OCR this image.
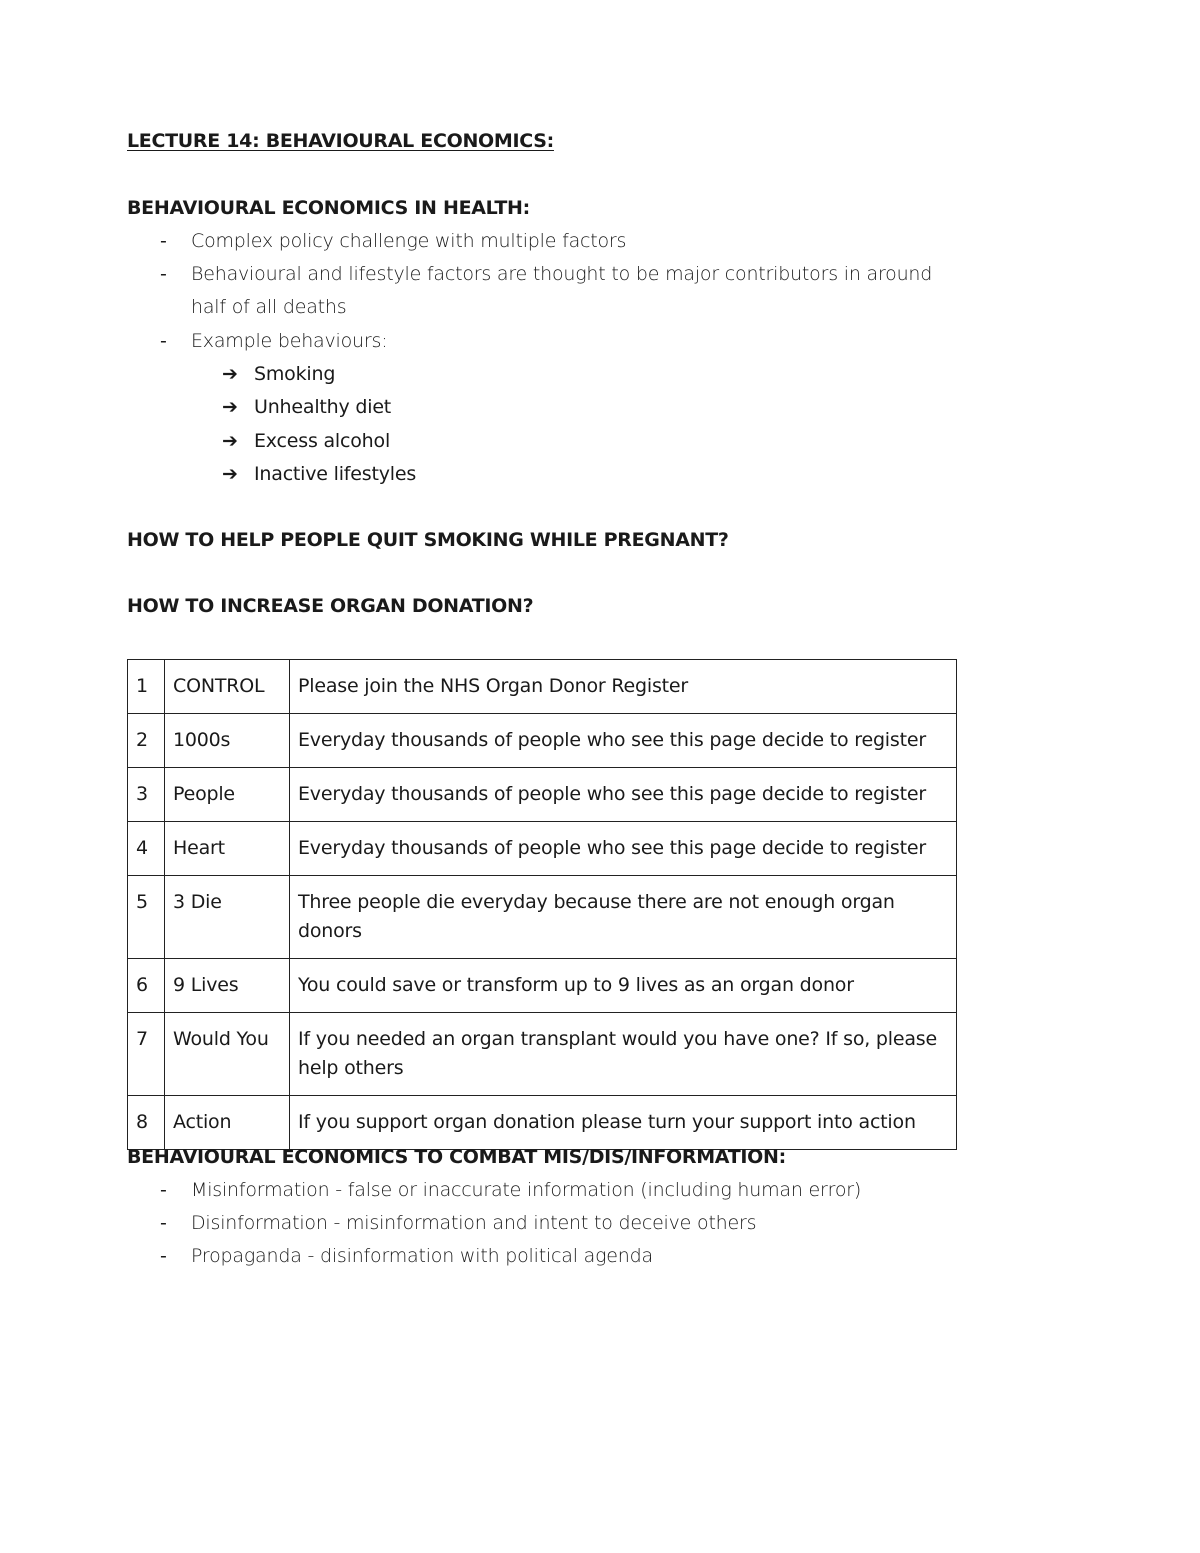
LECTURE 14: BEHAVIOURAL ECONOMICS:
BEHAVIOURAL ECONOMICS IN HEALTH:
- Complex policy challenge with multiple factors
- Behavioural and lifestyle factors are thought to be major contributors in around
half of all deaths
- Example behaviours:
➔ Smoking
➔ Unhealthy diet
➔ Excess alcohol
➔ Inactive lifestyles
HOW TO HELP PEOPLE QUIT SMOKING WHILE PREGNANT?
HOW TO INCREASE ORGAN DONATION?
1	CONTROL	Please join the NHS Organ Donor Register
2	1000s	Everyday thousands of people who see this page decide to register
3	People	Everyday thousands of people who see this page decide to register
4	Heart	Everyday thousands of people who see this page decide to register
5	3 Die	Three people die everyday because there are not enough organ donors
6	9 Lives	You could save or transform up to 9 lives as an organ donor
7	Would You	If you needed an organ transplant would you have one? If so, please help others
8	Action	If you support organ donation please turn your support into action
BEHAVIOURAL ECONOMICS TO COMBAT MIS/DIS/INFORMATION:
- Misinformation - false or inaccurate information (including human error)
- Disinformation - misinformation and intent to deceive others
- Propaganda - disinformation with political agenda
